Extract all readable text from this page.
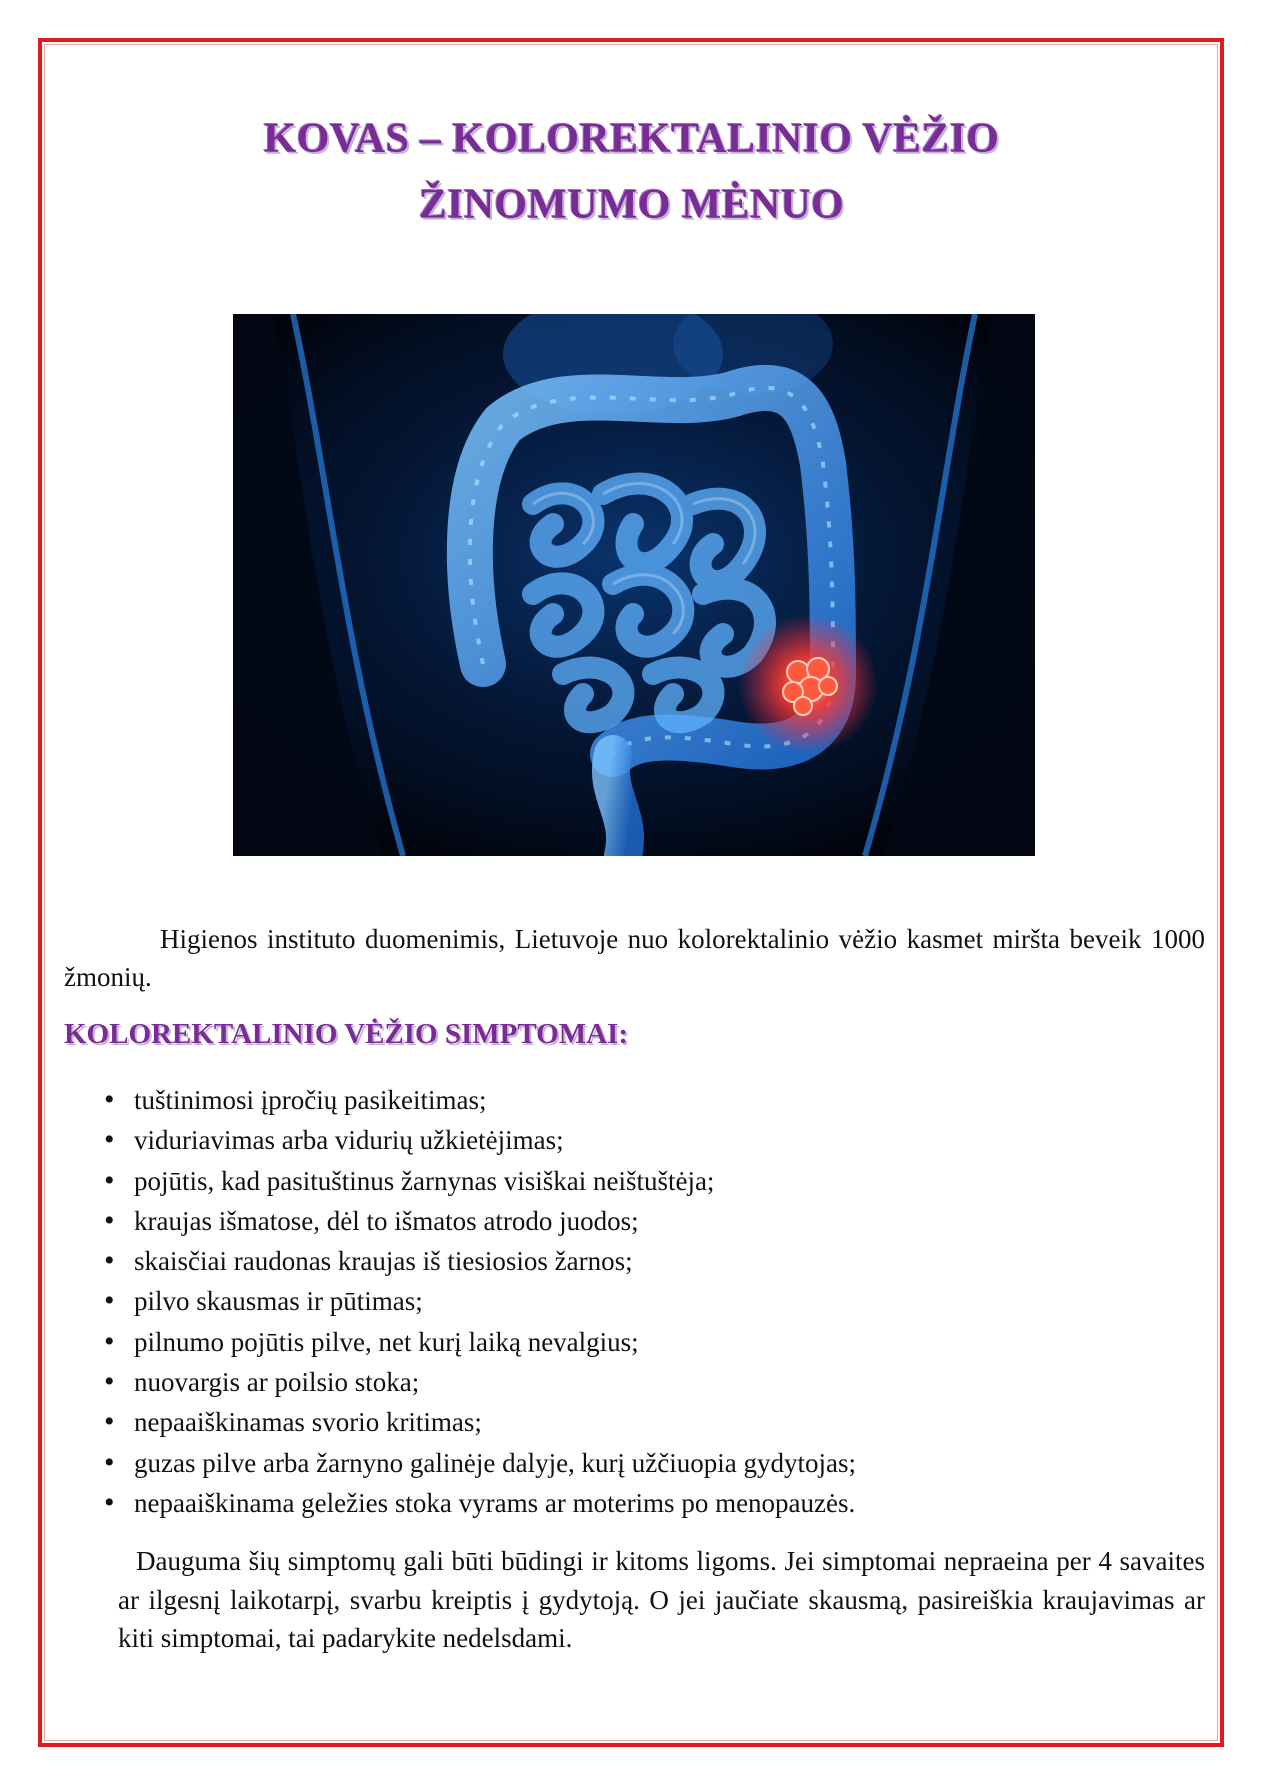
KOVAS – KOLOREKTALINIO VĖŽIO
ŽINOMUMO MĖNUO

Higienos instituto duomenimis, Lietuvoje nuo kolorektalinio vėžio kasmet miršta beveik 1000 žmonių.

KOLOREKTALINIO VĖŽIO SIMPTOMAI:
• tuštinimosi įpročių pasikeitimas;
• viduriavimas arba vidurių užkietėjimas;
• pojūtis, kad pasituštinus žarnynas visiškai neištuštėja;
• kraujas išmatose, dėl to išmatos atrodo juodos;
• skaisčiai raudonas kraujas iš tiesiosios žarnos;
• pilvo skausmas ir pūtimas;
• pilnumo pojūtis pilve, net kurį laiką nevalgius;
• nuovargis ar poilsio stoka;
• nepaaiškinamas svorio kritimas;
• guzas pilve arba žarnyno galinėje dalyje, kurį užčiuopia gydytojas;
• nepaaiškinama geležies stoka vyrams ar moterims po menopauzės.

Dauguma šių simptomų gali būti būdingi ir kitoms ligoms. Jei simptomai nepraeina per 4 savaites ar ilgesnį laikotarpį, svarbu kreiptis į gydytoją. O jei jaučiate skausmą, pasireiškia kraujavimas ar kiti simptomai, tai padarykite nedelsdami.
